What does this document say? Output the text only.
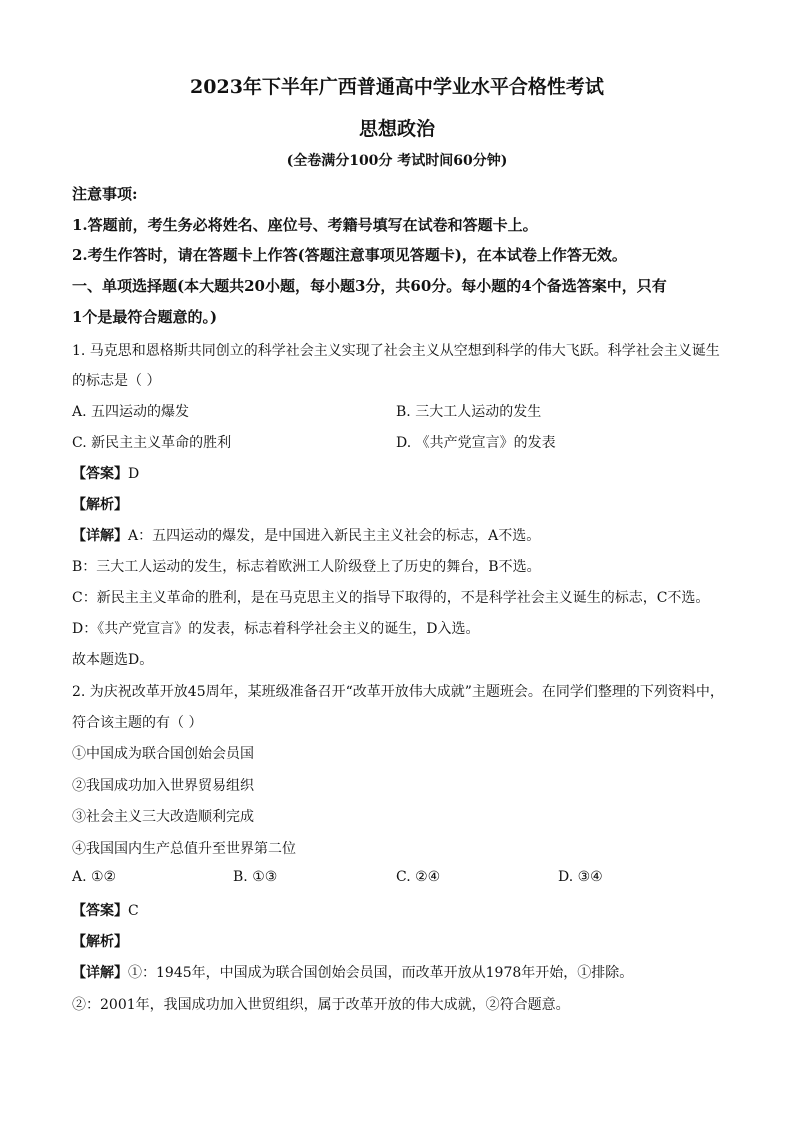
2023年下半年广西普通高中学业水平合格性考试
思想政治
(全卷满分100分 考试时间60分钟)
注意事项:
1.答题前，考生务必将姓名、座位号、考籍号填写在试卷和答题卡上。
2.考生作答时，请在答题卡上作答(答题注意事项见答题卡)，在本试卷上作答无效。
一、单项选择题(本大题共20小题，每小题3分，共60分。每小题的4个备选答案中，只有
1个是最符合题意的。)
1. 马克思和恩格斯共同创立的科学社会主义实现了社会主义从空想到科学的伟大飞跃。科学社会主义诞生
的标志是（ ）
A. 五四运动的爆发	B. 三大工人运动的发生
C. 新民主主义革命的胜利	D. 《共产党宣言》的发表
【答案】D
【解析】
【详解】A：五四运动的爆发，是中国进入新民主主义社会的标志，A不选。
B：三大工人运动的发生，标志着欧洲工人阶级登上了历史的舞台，B不选。
C：新民主主义革命的胜利，是在马克思主义的指导下取得的，不是科学社会主义诞生的标志，C不选。
D：《共产党宣言》的发表，标志着科学社会主义的诞生，D入选。
故本题选D。
2. 为庆祝改革开放45周年，某班级准备召开“改革开放伟大成就”主题班会。在同学们整理的下列资料中，
符合该主题的有（ ）
①中国成为联合国创始会员国
②我国成功加入世界贸易组织
③社会主义三大改造顺利完成
④我国国内生产总值升至世界第二位
A. ①②	B. ①③	C. ②④	D. ③④
【答案】C
【解析】
【详解】①：1945年，中国成为联合国创始会员国，而改革开放从1978年开始，①排除。
②：2001年，我国成功加入世贸组织，属于改革开放的伟大成就，②符合题意。
